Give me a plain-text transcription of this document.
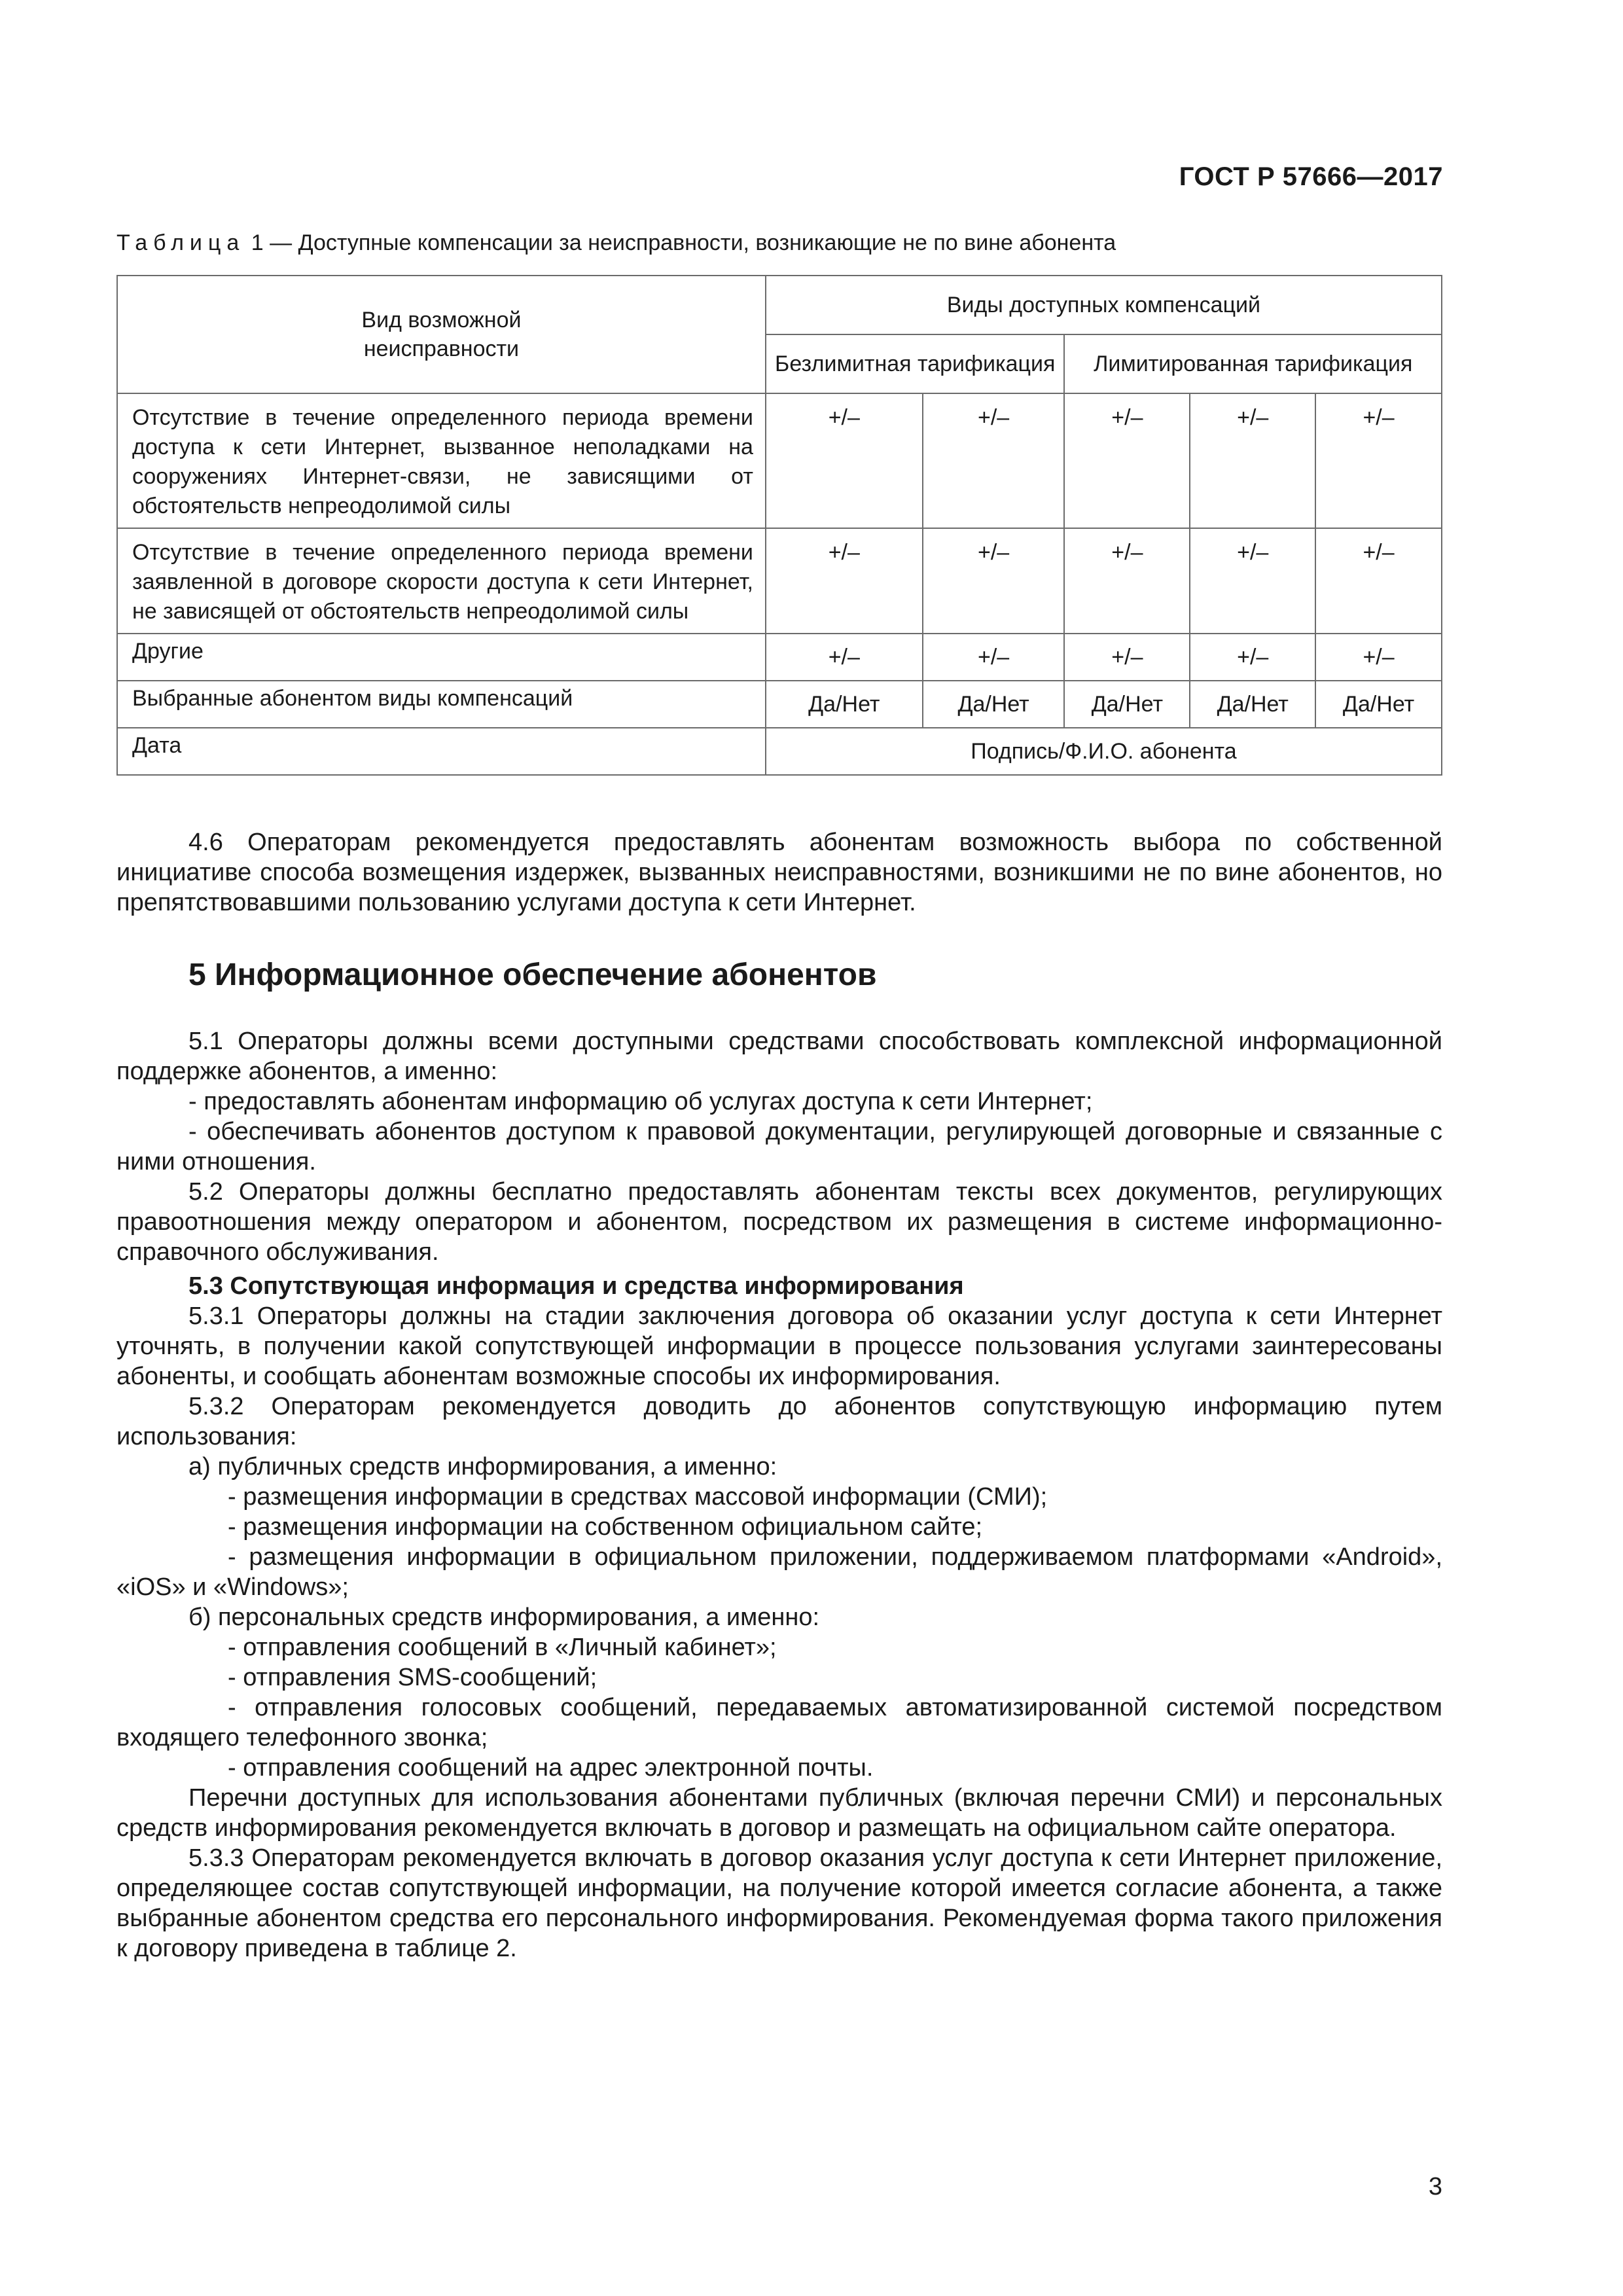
ГОСТ Р 57666—2017
Таблица 1 — Доступные компенсации за неисправности, возникающие не по вине абонента
Вид возможной неисправности	Виды доступных компенсаций				
	Безлимитная тарификация		Лимитированная тарификация		
Отсутствие в течение определенного периода времени доступа к сети Интернет, вызванное неполадками на сооружениях Интернет-связи, не зависящими от обстоятельств непреодолимой силы	+/–	+/–	+/–	+/–	+/–
Отсутствие в течение определенного периода времени заявленной в договоре скорости доступа к сети Интернет, не зависящей от обстоятельств непреодолимой силы	+/–	+/–	+/–	+/–	+/–
Другие	+/–	+/–	+/–	+/–	+/–
Выбранные абонентом виды компенсаций	Да/Нет	Да/Нет	Да/Нет	Да/Нет	Да/Нет
Дата	Подпись/Ф.И.О. абонента				

4.6 Операторам рекомендуется предоставлять абонентам возможность выбора по собственной инициативе способа возмещения издержек, вызванных неисправностями, возникшими не по вине абонентов, но препятствовавшими пользованию услугами доступа к сети Интернет.

5 Информационное обеспечение абонентов

5.1 Операторы должны всеми доступными средствами способствовать комплексной информационной поддержке абонентов, а именно:

- предоставлять абонентам информацию об услугах доступа к сети Интернет;

- обеспечивать абонентов доступом к правовой документации, регулирующей договорные и связанные с ними отношения.

5.2 Операторы должны бесплатно предоставлять абонентам тексты всех документов, регулирующих правоотношения между оператором и абонентом, посредством их размещения в системе информационно-справочного обслуживания.

5.3 Сопутствующая информация и средства информирования

5.3.1 Операторы должны на стадии заключения договора об оказании услуг доступа к сети Интернет уточнять, в получении какой сопутствующей информации в процессе пользования услугами заинтересованы абоненты, и сообщать абонентам возможные способы их информирования.

5.3.2 Операторам рекомендуется доводить до абонентов сопутствующую информацию путем использования:

а) публичных средств информирования, а именно:

- размещения информации в средствах массовой информации (СМИ);

- размещения информации на собственном официальном сайте;

- размещения информации в официальном приложении, поддерживаемом платформами «Android», «iOS» и «Windows»;

б) персональных средств информирования, а именно:

- отправления сообщений в «Личный кабинет»;

- отправления SMS-сообщений;

- отправления голосовых сообщений, передаваемых автоматизированной системой посредством входящего телефонного звонка;

- отправления сообщений на адрес электронной почты.

Перечни доступных для использования абонентами публичных (включая перечни СМИ) и персональных средств информирования рекомендуется включать в договор и размещать на официальном сайте оператора.

5.3.3 Операторам рекомендуется включать в договор оказания услуг доступа к сети Интернет приложение, определяющее состав сопутствующей информации, на получение которой имеется согласие абонента, а также выбранные абонентом средства его персонального информирования. Рекомендуемая форма такого приложения к договору приведена в таблице 2.

3
